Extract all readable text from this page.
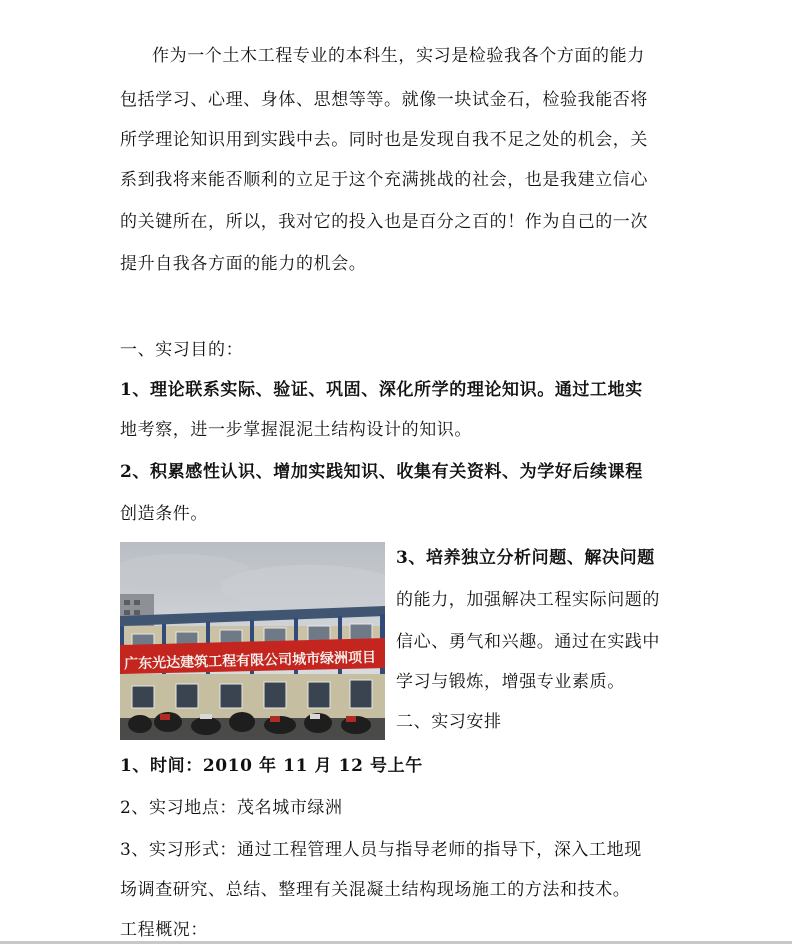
作为一个土木工程专业的本科生，实习是检验我各个方面的能力
包括学习、心理、身体、思想等等。就像一块试金石，检验我能否将
所学理论知识用到实践中去。同时也是发现自我不足之处的机会，关
系到我将来能否顺利的立足于这个充满挑战的社会，也是我建立信心
的关键所在，所以，我对它的投入也是百分之百的！作为自己的一次
提升自我各方面的能力的机会。
一、实习目的：
1、理论联系实际、验证、巩固、深化所学的理论知识。通过工地实
地考察，进一步掌握混泥土结构设计的知识。
2、积累感性认识、增加实践知识、收集有关资料、为学好后续课程
创造条件。
广东光达建筑工程有限公司城市绿洲项目
3、培养独立分析问题、解决问题
的能力，加强解决工程实际问题的
信心、勇气和兴趣。通过在实践中
学习与锻炼，增强专业素质。
二、实习安排
1、时间：2010 年 11 月 12 号上午
2、实习地点：茂名城市绿洲
3、实习形式：通过工程管理人员与指导老师的指导下，深入工地现
场调查研究、总结、整理有关混凝土结构现场施工的方法和技术。
工程概况：
